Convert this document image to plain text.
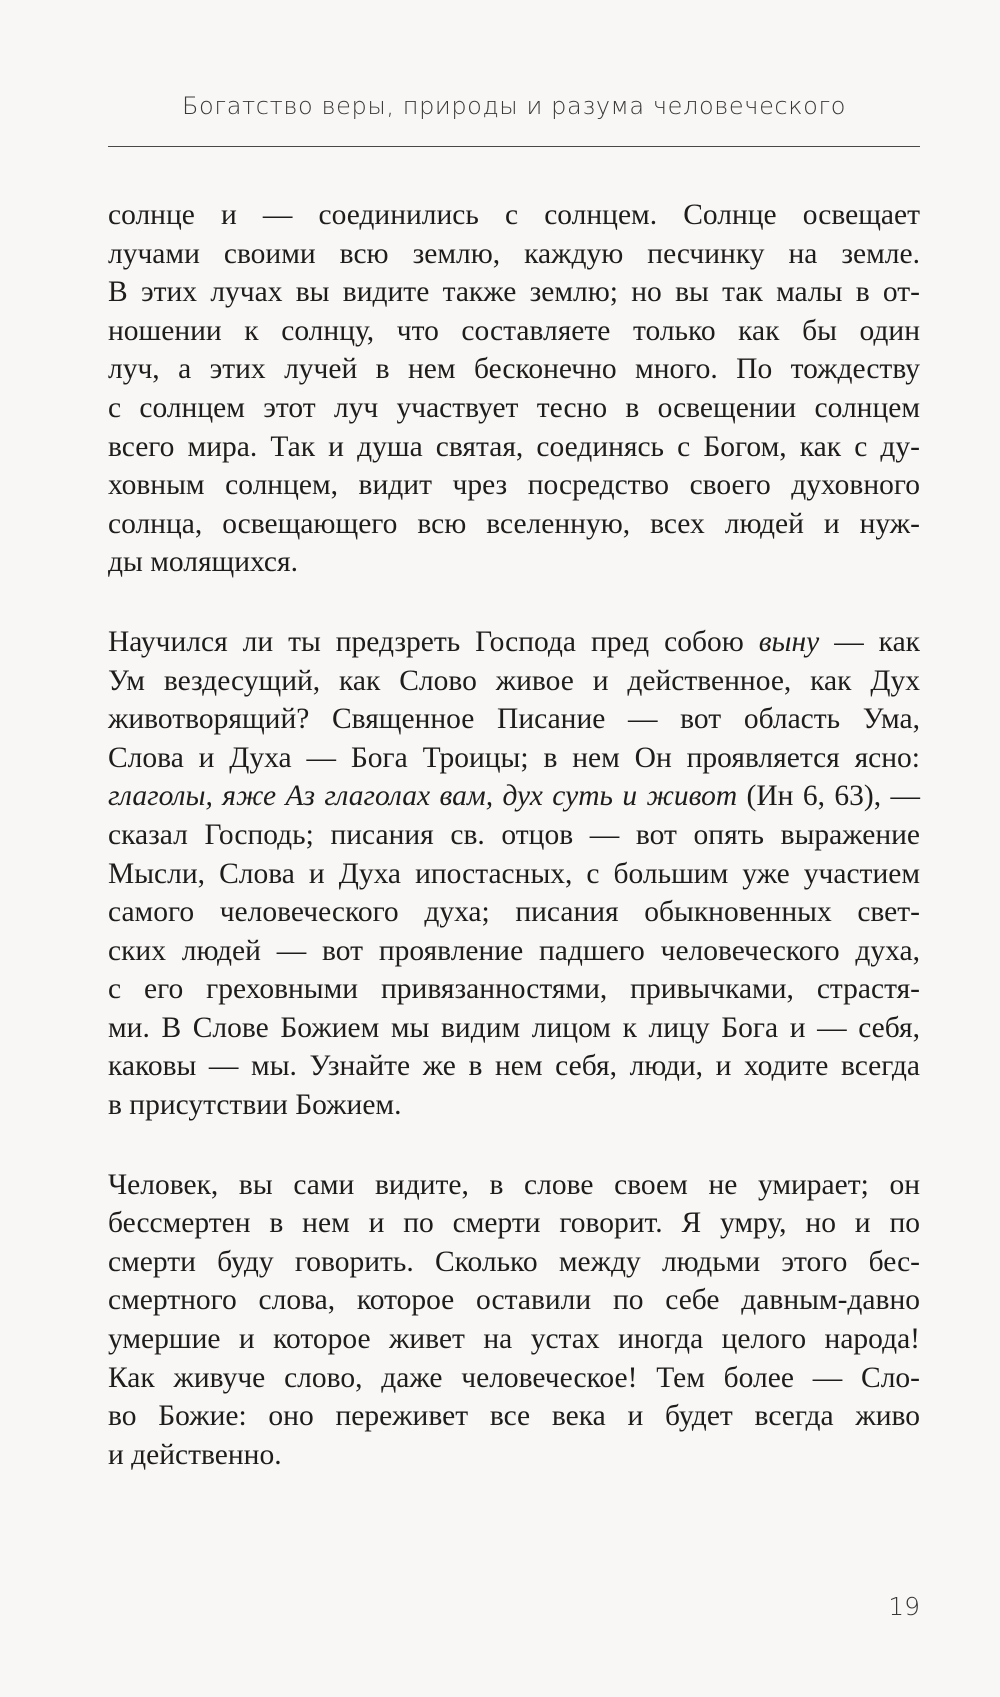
Богатство веры, природы и разума человеческого
солнце и — соединились с солнцем. Солнце освещает
лучами своими всю землю, каждую песчинку на земле.
В этих лучах вы видите также землю; но вы так малы в от-
ношении к солнцу, что составляете только как бы один
луч, а этих лучей в нем бесконечно много. По тождеству
с солнцем этот луч участвует тесно в освещении солнцем
всего мира. Так и душа святая, соединясь с Богом, как с ду-
ховным солнцем, видит чрез посредство своего духовного
солнца, освещающего всю вселенную, всех людей и нуж-
ды молящихся.
Научился ли ты предзреть Господа пред собою выну — как
Ум вездесущий, как Слово живое и действенное, как Дух
животворящий? Священное Писание — вот область Ума,
Слова и Духа — Бога Троицы; в нем Он проявляется ясно:
глаголы, яже Аз глаголах вам, дух суть и живот (Ин 6, 63), —
сказал Господь; писания св. отцов — вот опять выражение
Мысли, Слова и Духа ипостасных, с большим уже участием
самого человеческого духа; писания обыкновенных свет-
ских людей — вот проявление падшего человеческого духа,
с его греховными привязанностями, привычками, страстя-
ми. В Слове Божием мы видим лицом к лицу Бога и — себя,
каковы — мы. Узнайте же в нем себя, люди, и ходите всегда
в присутствии Божием.
Человек, вы сами видите, в слове своем не умирает; он
бессмертен в нем и по смерти говорит. Я умру, но и по
смерти буду говорить. Сколько между людьми этого бес-
смертного слова, которое оставили по себе давным-давно
умершие и которое живет на устах иногда целого народа!
Как живуче слово, даже человеческое! Тем более — Сло-
во Божие: оно переживет все века и будет всегда живо
и действенно.
19
